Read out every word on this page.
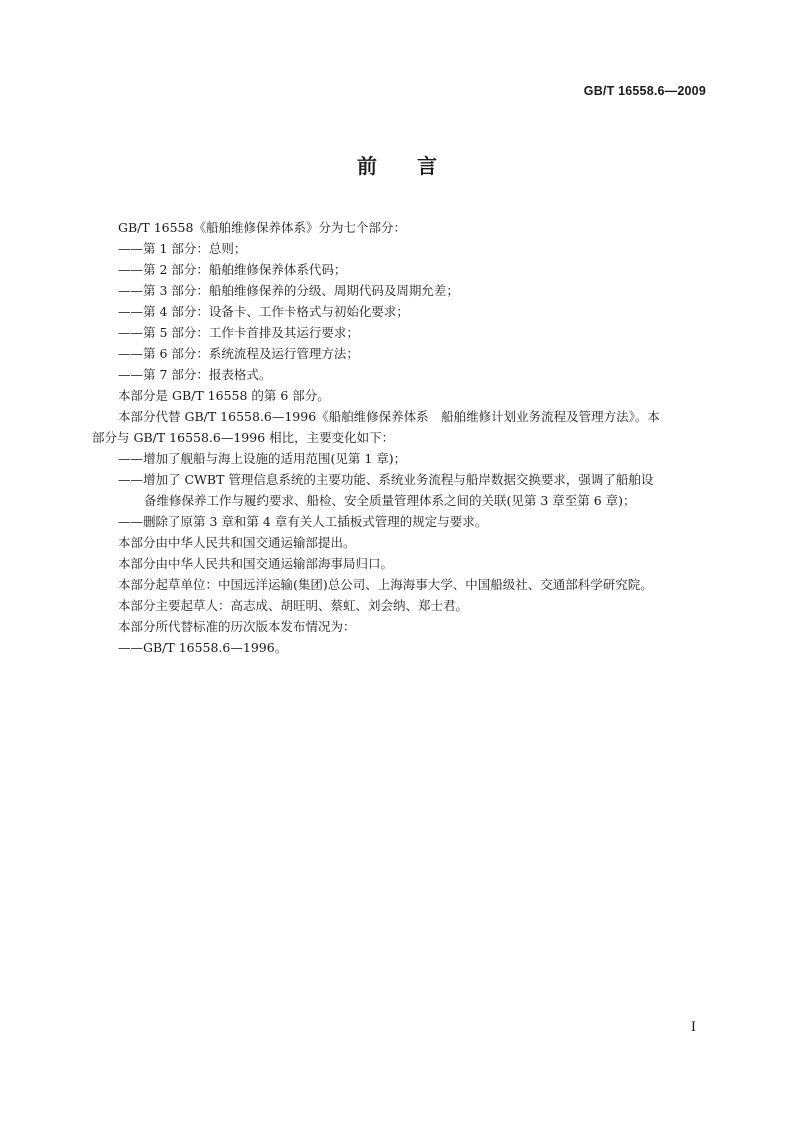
GB/T 16558.6—2009
前言

GB/T 16558《船舶维修保养体系》分为七个部分：

——第 1 部分：总则；

——第 2 部分：船舶维修保养体系代码；

——第 3 部分：船舶维修保养的分级、周期代码及周期允差；

——第 4 部分：设备卡、工作卡格式与初始化要求；

——第 5 部分：工作卡首排及其运行要求；

——第 6 部分：系统流程及运行管理方法；

——第 7 部分：报表格式。

本部分是 GB/T 16558 的第 6 部分。

本部分代替 GB/T 16558.6—1996《船舶维修保养体系　船舶维修计划业务流程及管理方法》。本

部分与 GB/T 16558.6—1996 相比，主要变化如下：

——增加了舰船与海上设施的适用范围(见第 1 章)；

——增加了 CWBT 管理信息系统的主要功能、系统业务流程与船岸数据交换要求，强调了船舶设

备维修保养工作与履约要求、船检、安全质量管理体系之间的关联(见第 3 章至第 6 章)；

——删除了原第 3 章和第 4 章有关人工插板式管理的规定与要求。

本部分由中华人民共和国交通运输部提出。

本部分由中华人民共和国交通运输部海事局归口。

本部分起草单位：中国远洋运输(集团)总公司、上海海事大学、中国船级社、交通部科学研究院。

本部分主要起草人：高志成、胡旺明、蔡虹、刘会纳、郑士君。

本部分所代替标准的历次版本发布情况为：

——GB/T 16558.6—1996。

I
